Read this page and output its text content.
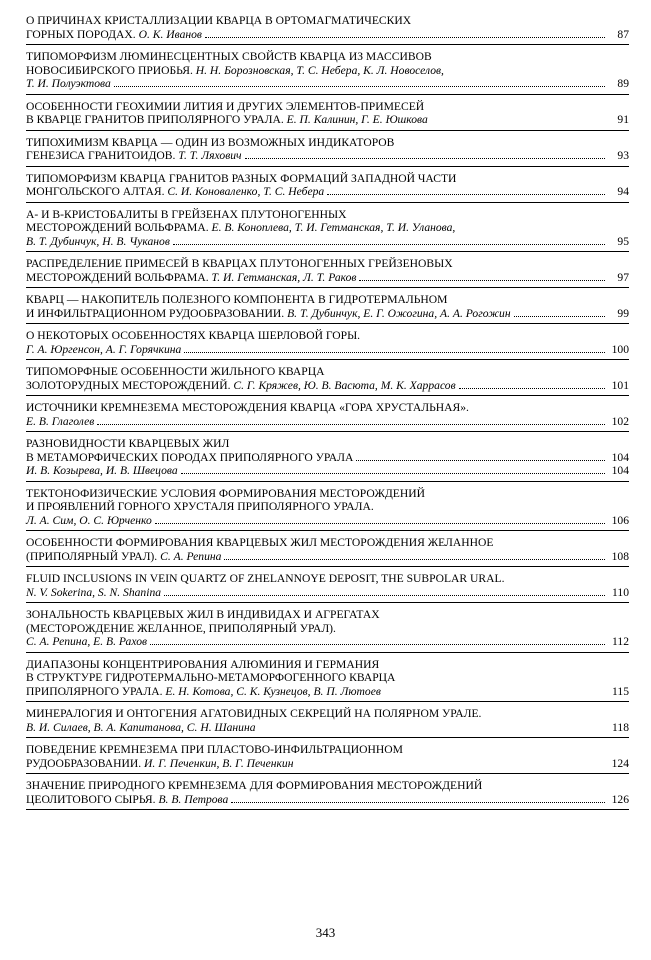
О ПРИЧИНАХ КРИСТАЛЛИЗАЦИИ КВАРЦА В ОРТОМАГМАТИЧЕСКИХ
ГОРНЫХ ПОРОДАХ. О. К. Иванов	87
ТИПОМОРФИЗМ ЛЮМИНЕСЦЕНТНЫХ СВОЙСТВ КВАРЦА ИЗ МАССИВОВ
НОВОСИБИРСКОГО ПРИОБЬЯ. Н. Н. Борозновская, Т. С. Небера, К. Л. Новоселов,
Т. И. Полуэктова	89
ОСОБЕННОСТИ ГЕОХИМИИ ЛИТИЯ И ДРУГИХ ЭЛЕМЕНТОВ-ПРИМЕСЕЙ
В КВАРЦЕ ГРАНИТОВ ПРИПОЛЯРНОГО УРАЛА. Е. П. Калинин, Г. Е. Юшкова	91
ТИПОХИМИЗМ КВАРЦА — ОДИН ИЗ ВОЗМОЖНЫХ ИНДИКАТОРОВ
ГЕНЕЗИСА ГРАНИТОИДОВ. Т. Т. Ляхович	93
ТИПОМОРФИЗМ КВАРЦА ГРАНИТОВ РАЗНЫХ ФОРМАЦИЙ ЗАПАДНОЙ ЧАСТИ
МОНГОЛЬСКОГО АЛТАЯ. С. И. Коноваленко, Т. С. Небера	94
Α- И Β-КРИСТОБАЛИТЫ В ГРЕЙЗЕНАХ ПЛУТОНОГЕННЫХ
МЕСТОРОЖДЕНИЙ ВОЛЬФРАМА. Е. В. Коноплева, Т. И. Гетманская, Т. И. Уланова,
В. Т. Дубинчук, Н. В. Чуканов	95
РАСПРЕДЕЛЕНИЕ ПРИМЕСЕЙ В КВАРЦАХ ПЛУТОНОГЕННЫХ ГРЕЙЗЕНОВЫХ
МЕСТОРОЖДЕНИЙ ВОЛЬФРАМА. Т. И. Гетманская, Л. Т. Раков	97
КВАРЦ — НАКОПИТЕЛЬ ПОЛЕЗНОГО КОМПОНЕНТА В ГИДРОТЕРМАЛЬНОМ
И ИНФИЛЬТРАЦИОННОМ РУДООБРАЗОВАНИИ. В. Т. Дубинчук, Е. Г. Ожогина, А. А. Рогожин	99
О НЕКОТОРЫХ ОСОБЕННОСТЯХ КВАРЦА ШЕРЛОВОЙ ГОРЫ.
Г. А. Юргенсон, А. Г. Горячкина	100
ТИПОМОРФНЫЕ ОСОБЕННОСТИ ЖИЛЬНОГО КВАРЦА
ЗОЛОТОРУДНЫХ МЕСТОРОЖДЕНИЙ. С. Г. Кряжев, Ю. В. Васюта, М. К. Харрасов	101
ИСТОЧНИКИ КРЕМНЕЗЕМА МЕСТОРОЖДЕНИЯ КВАРЦА «ГОРА ХРУСТАЛЬНАЯ».
Е. В. Глаголев	102
РАЗНОВИДНОСТИ КВАРЦЕВЫХ ЖИЛ
В МЕТАМОРФИЧЕСКИХ ПОРОДАХ ПРИПОЛЯРНОГО УРАЛА	104
И. В. Козырева, И. В. Швецова	104
ТЕКТОНОФИЗИЧЕСКИЕ УСЛОВИЯ ФОРМИРОВАНИЯ МЕСТОРОЖДЕНИЙ
И ПРОЯВЛЕНИЙ ГОРНОГО ХРУСТАЛЯ ПРИПОЛЯРНОГО УРАЛА.
Л. А. Сим, О. С. Юрченко	106
ОСОБЕННОСТИ ФОРМИРОВАНИЯ КВАРЦЕВЫХ ЖИЛ МЕСТОРОЖДЕНИЯ ЖЕЛАННОЕ
(ПРИПОЛЯРНЫЙ УРАЛ). С. А. Репина	108
FLUID INCLUSIONS IN VEIN QUARTZ OF ZHELANNOYE DEPOSIT, THE SUBPOLAR URAL.
N. V. Sokerina, S. N. Shanina	110
ЗОНАЛЬНОСТЬ КВАРЦЕВЫХ ЖИЛ В ИНДИВИДАХ И АГРЕГАТАХ
(МЕСТОРОЖДЕНИЕ ЖЕЛАННОЕ, ПРИПОЛЯРНЫЙ УРАЛ).
С. А. Репина, Е. В. Рахов	112
ДИАПАЗОНЫ КОНЦЕНТРИРОВАНИЯ АЛЮМИНИЯ И ГЕРМАНИЯ
В СТРУКТУРЕ ГИДРОТЕРМАЛЬНО-МЕТАМОРФОГЕННОГО КВАРЦА
ПРИПОЛЯРНОГО УРАЛА. Е. Н. Котова, С. К. Кузнецов, В. П. Лютоев	115
МИНЕРАЛОГИЯ И ОНТОГЕНИЯ АГАТОВИДНЫХ СЕКРЕЦИЙ НА ПОЛЯРНОМ УРАЛЕ.
В. И. Силаев, В. А. Капитанова, С. Н. Шанина	118
ПОВЕДЕНИЕ КРЕМНЕЗЕМА ПРИ ПЛАСТОВО-ИНФИЛЬТРАЦИОННОМ
РУДООБРАЗОВАНИИ. И. Г. Печенкин, В. Г. Печенкин	124
ЗНАЧЕНИЕ ПРИРОДНОГО КРЕМНЕЗЕМА ДЛЯ ФОРМИРОВАНИЯ МЕСТОРОЖДЕНИЙ
ЦЕОЛИТОВОГО СЫРЬЯ. В. В. Петрова	126
343
